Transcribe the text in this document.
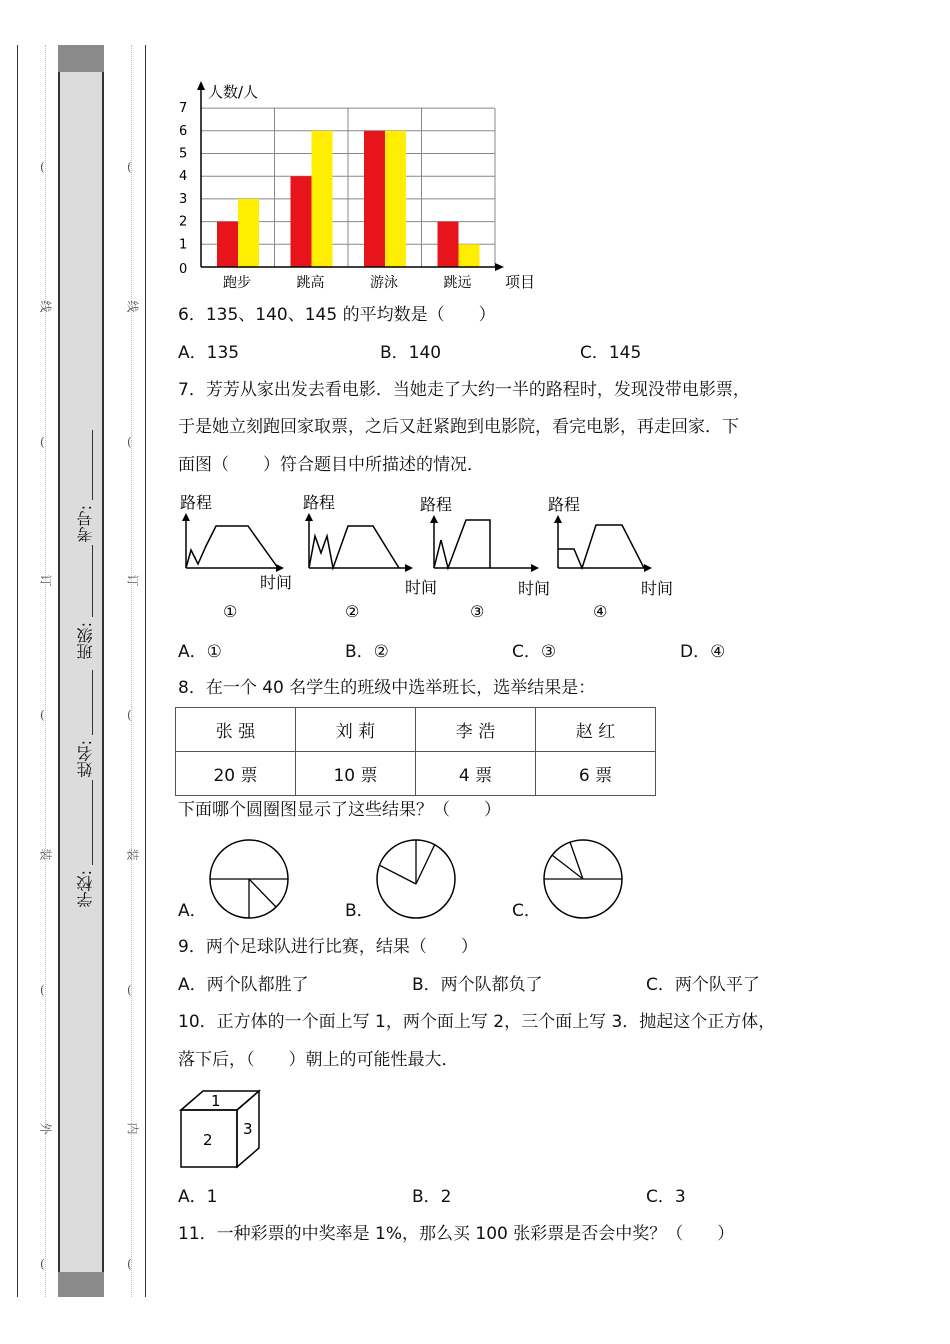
(
线
(
订
(
装
(
外
(
(
线
(
订
(
装
(
内
(
学校:
姓名:
班级:
考号:
0
1
2
3
4
5
6
7
跑步	跳高	游泳	跳远
人数/人
项目
6．135、140、145 的平均数是（　　）
A．135	B．140	C．145
7．芳芳从家出发去看电影．当她走了大约一半的路程时，发现没带电影票，
于是她立刻跑回家取票，之后又赶紧跑到电影院，看完电影，再走回家．下
面图（　　）符合题目中所描述的情况．
路程
时间
①
路程
时间
②
路程
时间
③
路程
时间
④
A．①	B．②	C．③	D．④
8．在一个 40 名学生的班级中选举班长，选举结果是：
张 强	刘 莉	李 浩	赵 红
20 票	10 票	4 票	6 票
下面哪个圆圈图显示了这些结果？（　　）
A．	B．	C．
9．两个足球队进行比赛，结果（　　）
A．两个队都胜了	B．两个队都负了	C．两个队平了
10．正方体的一个面上写 1，两个面上写 2，三个面上写 3．抛起这个正方体，
落下后，（　　）朝上的可能性最大．
1
2
3
A．1	B．2	C．3
11．一种彩票的中奖率是 1%，那么买 100 张彩票是否会中奖？（　　）
